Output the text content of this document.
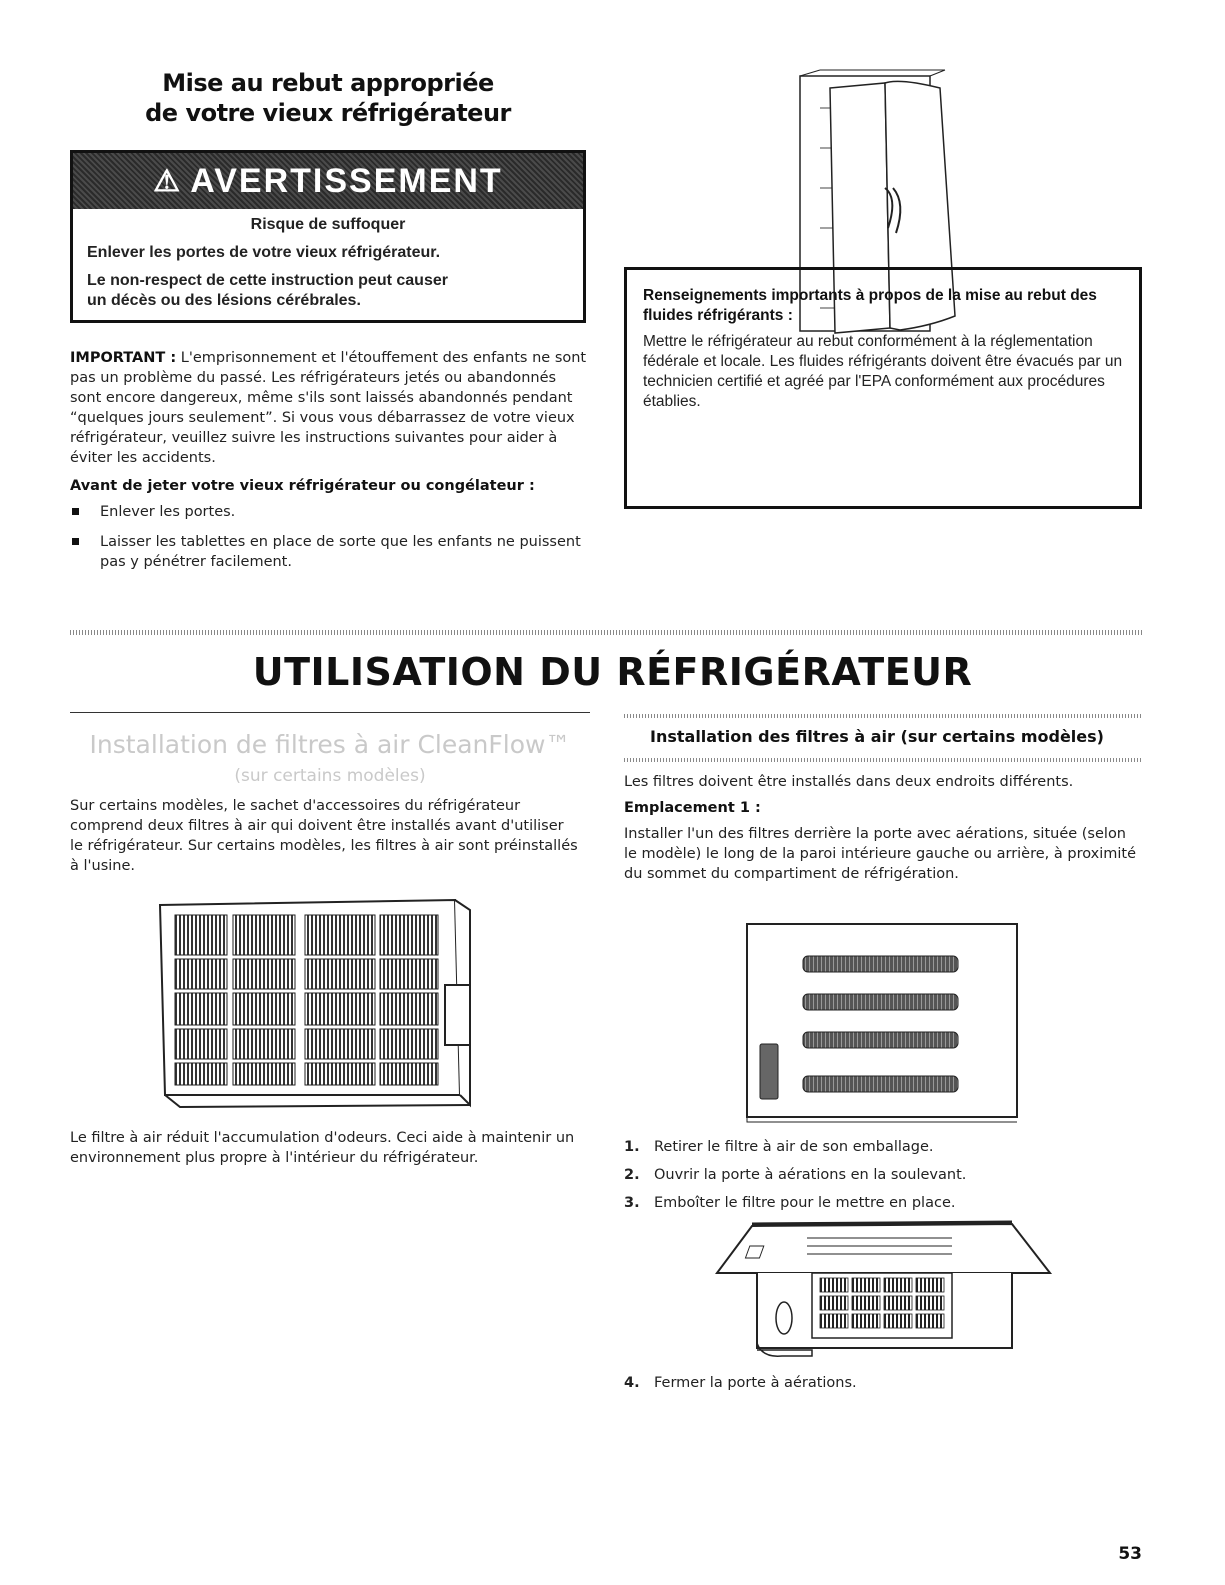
Mise au rebut appropriée
de votre vieux réfrigérateur
⚠ AVERTISSEMENT

Risque de suffoquer

Enlever les portes de votre vieux réfrigérateur.

Le non-respect de cette instruction peut causer
un décès ou des lésions cérébrales.

IMPORTANT : L'emprisonnement et l'étouffement des enfants ne sont pas un problème du passé. Les réfrigérateurs jetés ou abandonnés sont encore dangereux, même s'ils sont laissés abandonnés pendant “quelques jours seulement”. Si vous vous débarrassez de votre vieux réfrigérateur, veuillez suivre les instructions suivantes pour aider à éviter les accidents.

Avant de jeter votre vieux réfrigérateur ou congélateur :

Enlever les portes.
Laisser les tablettes en place de sorte que les enfants ne puissent pas y pénétrer facilement.
Renseignements importants à propos de la mise au rebut des fluides réfrigérants :
Mettre le réfrigérateur au rebut conformément à la réglementation fédérale et locale. Les fluides réfrigérants doivent être évacués par un technicien certifié et agréé par l'EPA conformément aux procédures établies.
UTILISATION DU RÉFRIGÉRATEUR
Installation de filtres à air CleanFlow™
(sur certains modèles)
Sur certains modèles, le sachet d'accessoires du réfrigérateur comprend deux filtres à air qui doivent être installés avant d'utiliser le réfrigérateur. Sur certains modèles, les filtres à air sont préinstallés à l'usine.
Le filtre à air réduit l'accumulation d'odeurs. Ceci aide à maintenir un environnement plus propre à l'intérieur du réfrigérateur.
Installation des filtres à air (sur certains modèles)

Les filtres doivent être installés dans deux endroits différents.

Emplacement 1 :

Installer l'un des filtres derrière la porte avec aérations, située (selon le modèle) le long de la paroi intérieure gauche ou arrière, à proximité du sommet du compartiment de réfrigération.

1. Retirer le filtre à air de son emballage.
2. Ouvrir la porte à aérations en la soulevant.
3. Emboîter le filtre pour le mettre en place.
4. Fermer la porte à aérations.
53
